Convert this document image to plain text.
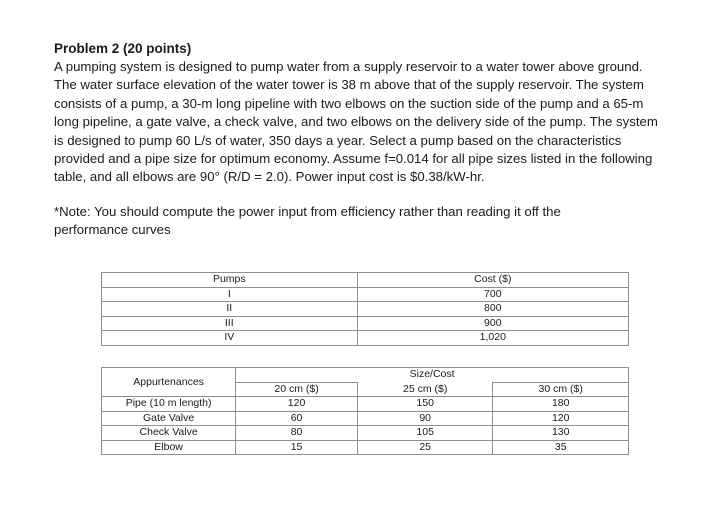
Problem 2 (20 points)

A pumping system is designed to pump water from a supply reservoir to a water tower above ground.

The water surface elevation of the water tower is 38 m above that of the supply reservoir. The system

consists of a pump, a 30-m long pipeline with two elbows on the suction side of the pump and a 65-m

long pipeline, a gate valve, a check valve, and two elbows on the delivery side of the pump. The system

is designed to pump 60 L/s of water, 350 days a year. Select a pump based on the characteristics

provided and a pipe size for optimum economy. Assume f=0.014 for all pipe sizes listed in the following

table, and all elbows are 90° (R/D = 2.0). Power input cost is $0.38/kW-hr.

*Note: You should compute the power input from efficiency rather than reading it off the

performance curves

Pumps	Cost ($)
I	700
II	800
III	900
IV	1,020
Appurtenances	Size/Cost		
	20 cm ($)	25 cm ($)	30 cm ($)
Pipe (10 m length)	120	150	180
Gate Valve	60	90	120
Check Valve	80	105	130
Elbow	15	25	35
